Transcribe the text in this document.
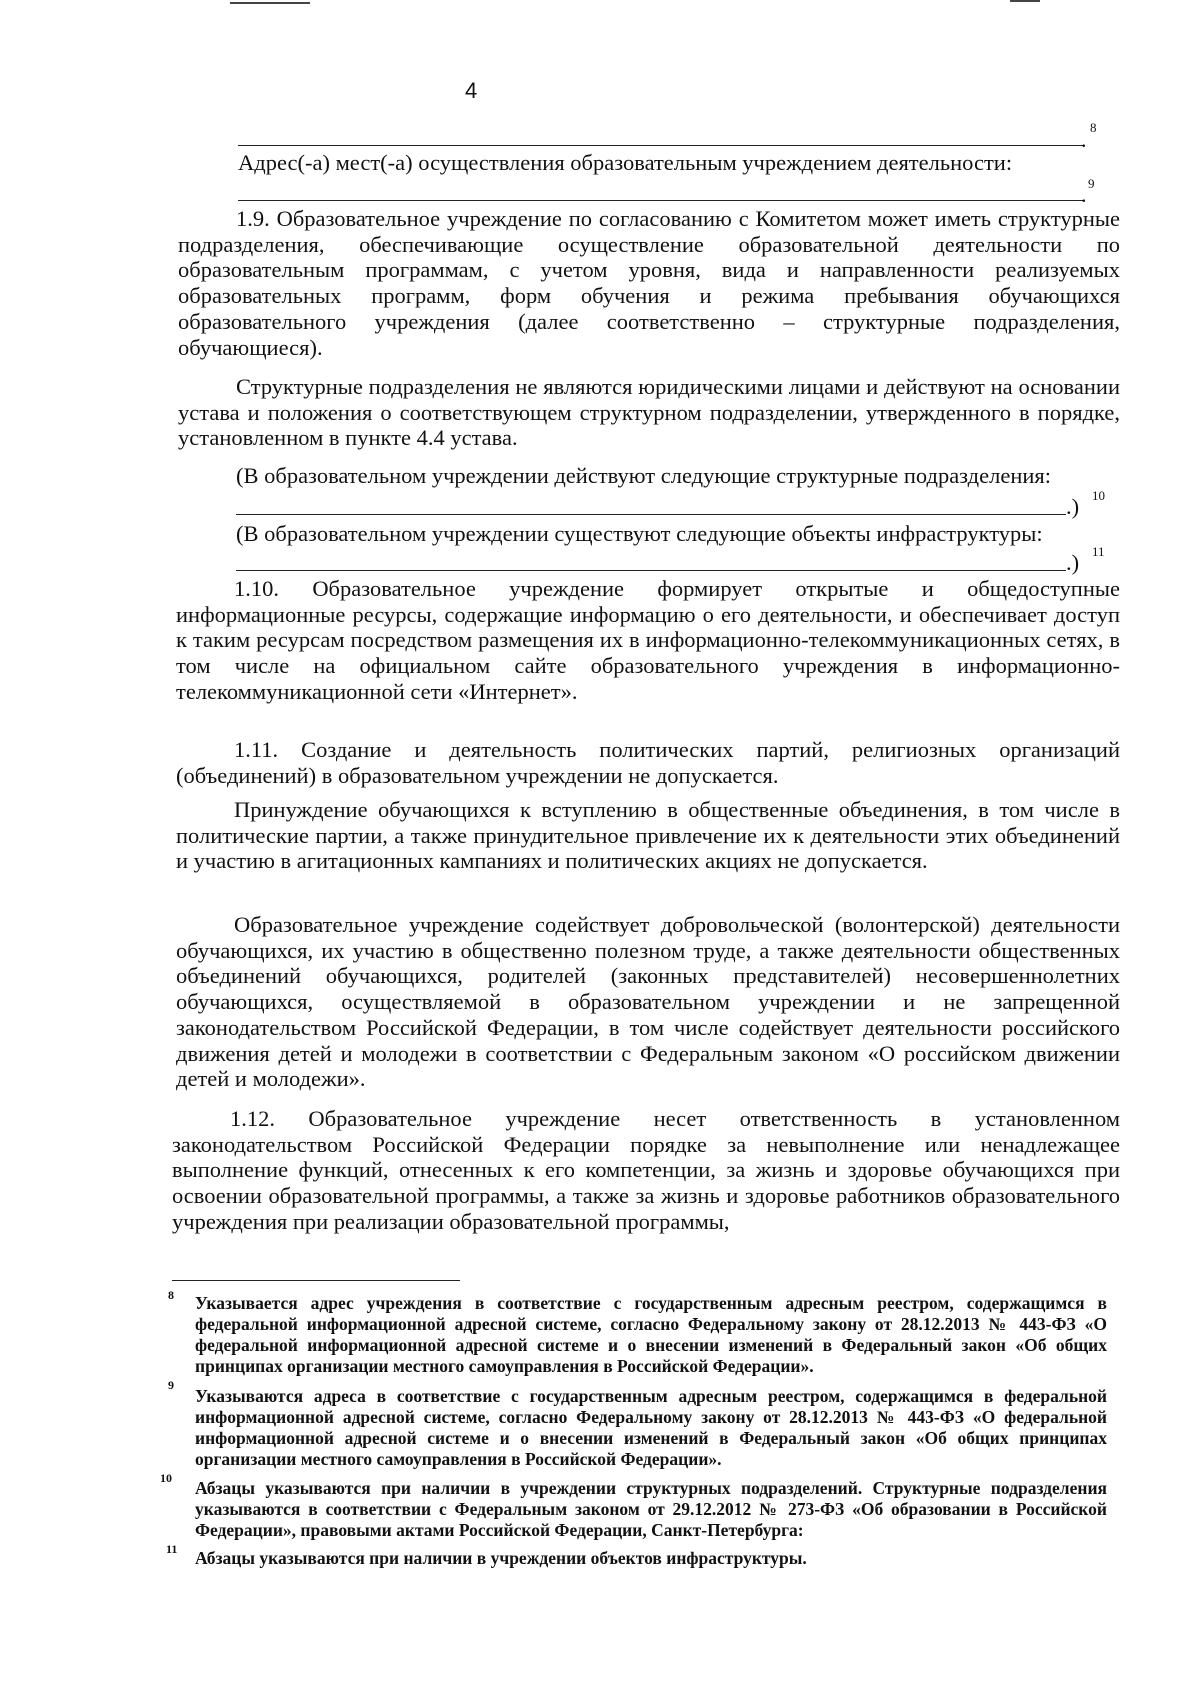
4
. 8
Адрес(-а) мест(-а) осуществления образовательным учреждением деятельности:
9
.
1.9. Образовательное учреждение по согласованию с Комитетом может иметь структурные подразделения, обеспечивающие осуществление образовательной деятельности по образовательным программам, с учетом уровня, вида и направленности реализуемых образовательных программ, форм обучения и режима пребывания обучающихся образовательного учреждения (далее соответственно – структурные подразделения, обучающиеся).
Структурные подразделения не являются юридическими лицами и действуют на основании устава и положения о соответствующем структурном подразделении, утвержденного в порядке, установленном в пункте 4.4 устава.
(В образовательном учреждении действуют следующие структурные подразделения:
.) 10
(В образовательном учреждении существуют следующие объекты инфраструктуры:
.) 11
1.10. Образовательное учреждение формирует открытые и общедоступные информационные ресурсы, содержащие информацию о его деятельности, и обеспечивает доступ к таким ресурсам посредством размещения их в информационно-телекоммуникационных сетях, в том числе на официальном сайте образовательного учреждения в информационно-телекоммуникационной сети «Интернет».
1.11. Создание и деятельность политических партий, религиозных организаций (объединений) в образовательном учреждении не допускается.
Принуждение обучающихся к вступлению в общественные объединения, в том числе в политические партии, а также принудительное привлечение их к деятельности этих объединений и участию в агитационных кампаниях и политических акциях не допускается.
Образовательное учреждение содействует добровольческой (волонтерской) деятельности обучающихся, их участию в общественно полезном труде, а также деятельности общественных объединений обучающихся, родителей (законных представителей) несовершеннолетних обучающихся, осуществляемой в образовательном учреждении и не запрещенной законодательством Российской Федерации, в том числе содействует деятельности российского движения детей и молодежи в соответствии с Федеральным законом «О российском движении детей и молодежи».
1.12. Образовательное учреждение несет ответственность в установленном законодательством Российской Федерации порядке за невыполнение или ненадлежащее выполнение функций, отнесенных к его компетенции, за жизнь и здоровье обучающихся при освоении образовательной программы, а также за жизнь и здоровье работников образовательного учреждения при реализации образовательной программы,
8 Указывается адрес учреждения в соответствие с государственным адресным реестром, содержащимся в федеральной информационной адресной системе, согласно Федеральному закону от 28.12.2013 № 443-ФЗ «О федеральной информационной адресной системе и о внесении изменений в Федеральный закон «Об общих принципах организации местного самоуправления в Российской Федерации».
9
Указываются адреса в соответствие с государственным адресным реестром, содержащимся в федеральной информационной адресной системе, согласно Федеральному закону от 28.12.2013 № 443-ФЗ «О федеральной информационной адресной системе и о внесении изменений в Федеральный закон «Об общих принципах организации местного самоуправления в Российской Федерации».
10 Абзацы указываются при наличии в учреждении структурных подразделений. Структурные подразделения указываются в соответствии с Федеральным законом от 29.12.2012 № 273-ФЗ «Об образовании в Российской Федерации», правовыми актами Российской Федерации, Санкт-Петербурга:
11 Абзацы указываются при наличии в учреждении объектов инфраструктуры.
